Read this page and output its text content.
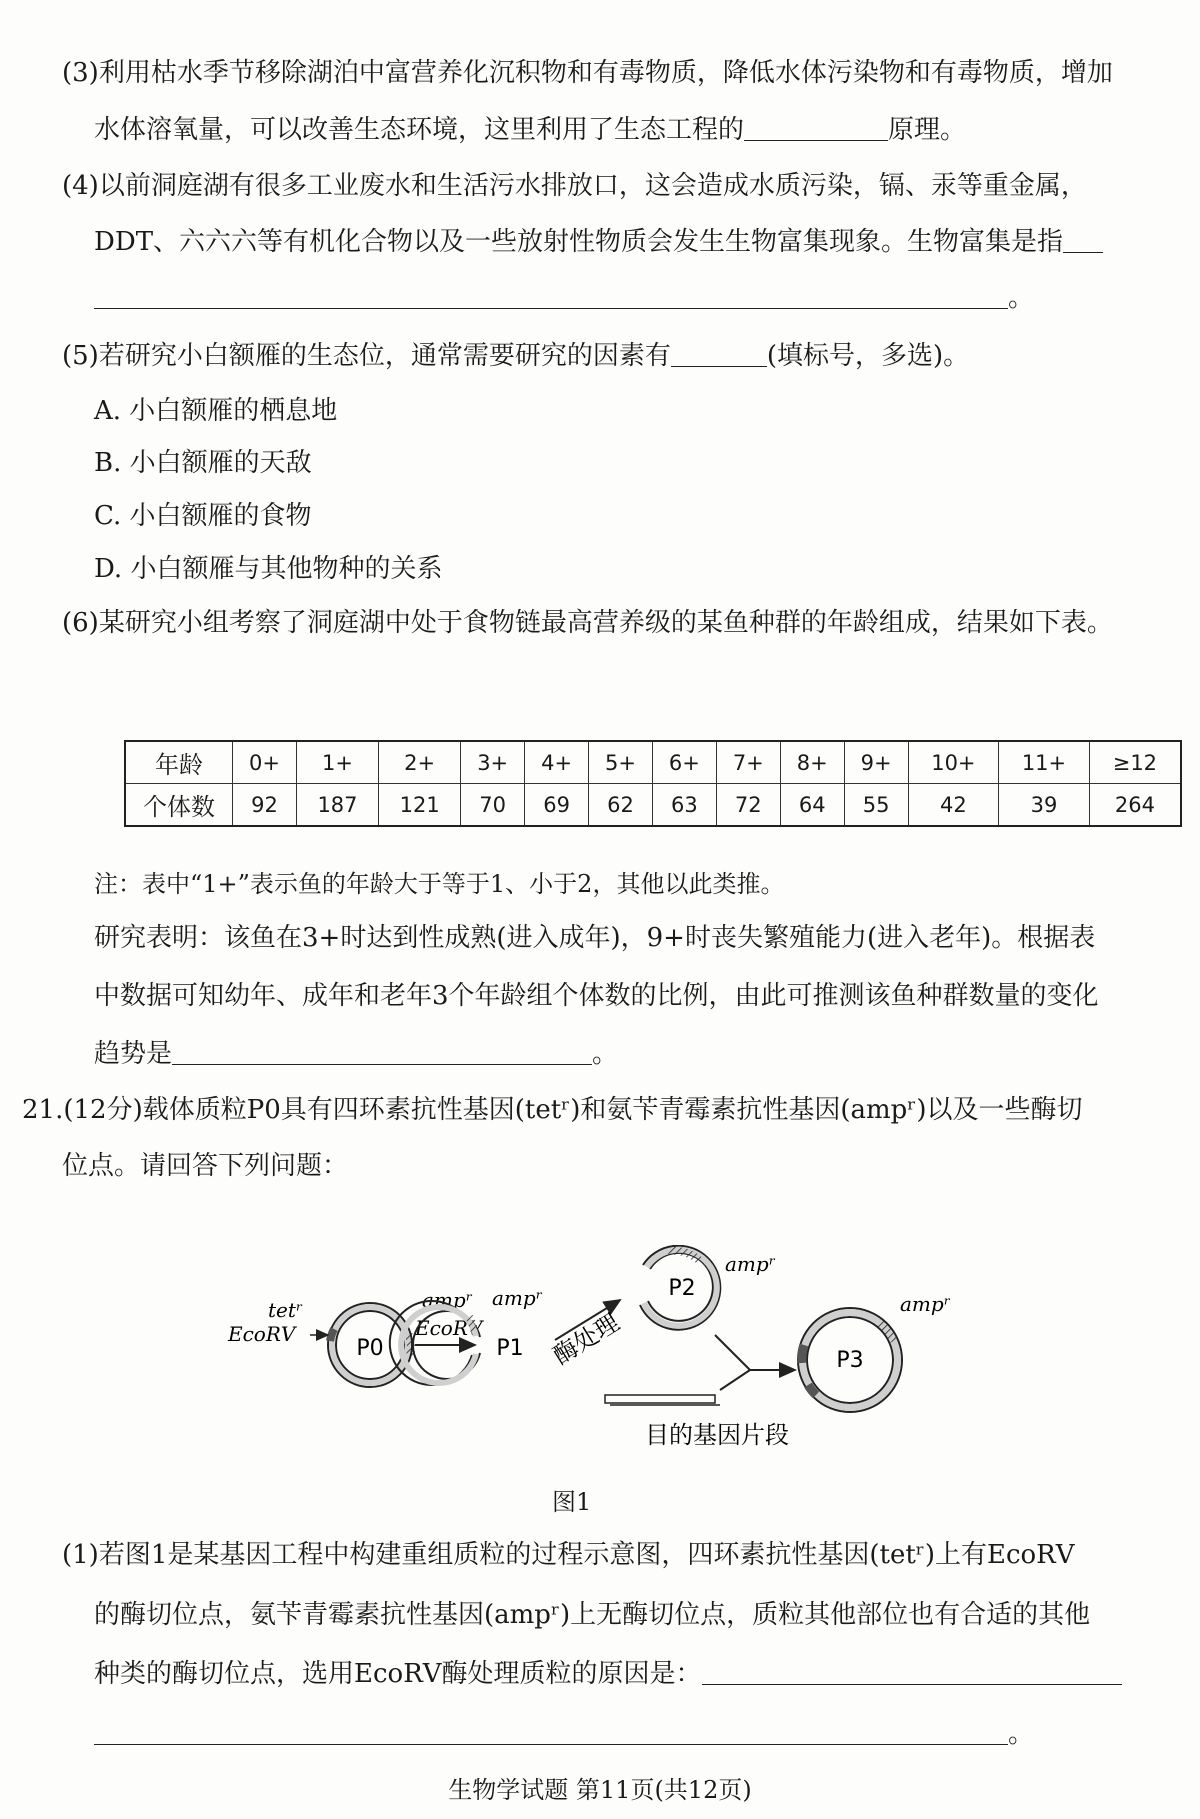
(3)利用枯水季节移除湖泊中富营养化沉积物和有毒物质，降低水体污染物和有毒物质，增加
水体溶氧量，可以改善生态环境，这里利用了生态工程的	原理。
(4)以前洞庭湖有很多工业废水和生活污水排放口，这会造成水质污染，镉、汞等重金属，
DDT、六六六等有机化合物以及一些放射性物质会发生生物富集现象。生物富集是指
。
(5)若研究小白额雁的生态位，通常需要研究的因素有	(填标号，多选)。
A. 小白额雁的栖息地
B. 小白额雁的天敌
C. 小白额雁的食物
D. 小白额雁与其他物种的关系
(6)某研究小组考察了洞庭湖中处于食物链最高营养级的某鱼种群的年龄组成，结果如下表。
年龄	0+	1+	2+	3+	4+	5+	6+	7+	8+	9+	10+	11+	≥12
个体数	92	187	121	70	69	62	63	72	64	55	42	39	264
注：表中“1+”表示鱼的年龄大于等于1、小于2，其他以此类推。
研究表明：该鱼在3+时达到性成熟(进入成年)，9+时丧失繁殖能力(进入老年)。根据表
中数据可知幼年、成年和老年3个年龄组个体数的比例，由此可推测该鱼种群数量的变化
趋势是	。
21.(12分)载体质粒P0具有四环素抗性基因(tetʳ)和氨苄青霉素抗性基因(ampʳ)以及一些酶切
位点。请回答下列问题：
P0
tetʳ
EcoRⅤ
ampʳ
EcoRⅤ
P1
ampʳ
酶处理
P2
ampʳ
目的基因片段
P3
ampʳ
图1
(1)若图1是某基因工程中构建重组质粒的过程示意图，四环素抗性基因(tetʳ)上有EcoRⅤ
的酶切位点，氨苄青霉素抗性基因(ampʳ)上无酶切位点，质粒其他部位也有合适的其他
种类的酶切位点，选用EcoRⅤ酶处理质粒的原因是：
。
生物学试题 第11页(共12页)
